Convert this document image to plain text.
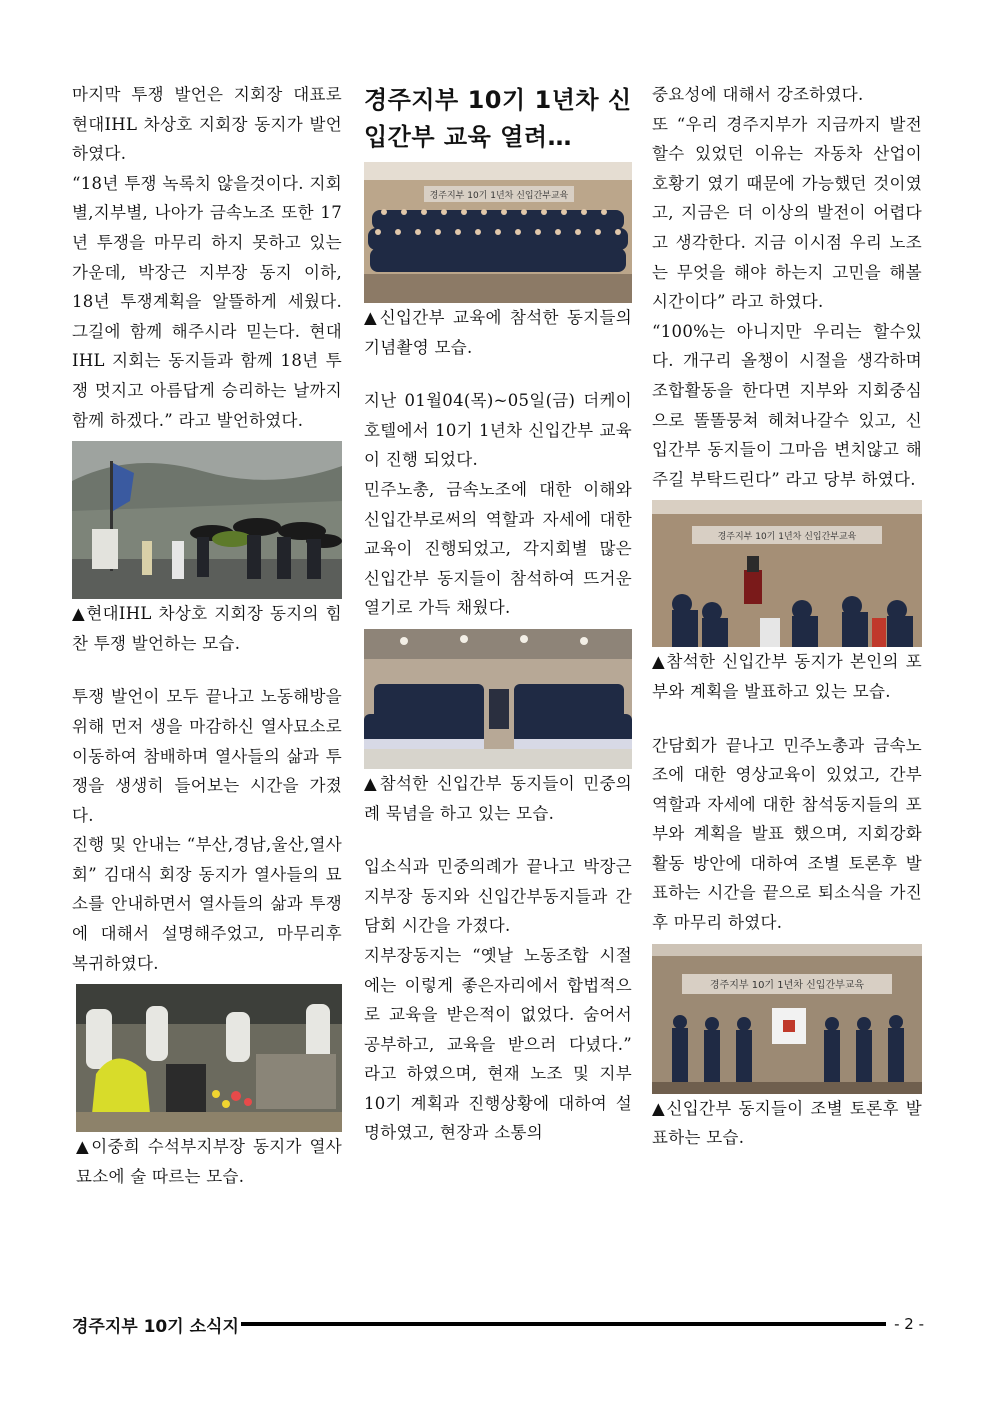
마지막 투쟁 발언은 지회장 대표로 현대IHL 차상호 지회장 동지가 발언하였다.

“18년 투쟁 녹록치 않을것이다. 지회별,지부별, 나아가 금속노조 또한 17년 투쟁을 마무리 하지 못하고 있는 가운데, 박장근 지부장 동지 이하, 18년 투쟁계획을 알뜰하게 세웠다. 그길에 함께 해주시라 믿는다. 현대IHL 지회는 동지들과 함께 18년 투쟁 멋지고 아름답게 승리하는 날까지 함께 하겠다.” 라고 발언하였다.

▲현대IHL 차상호 지회장 동지의 힘찬 투쟁 발언하는 모습.

투쟁 발언이 모두 끝나고 노동해방을 위해 먼저 생을 마감하신 열사묘소로 이동하여 참배하며 열사들의 삶과 투쟁을 생생히 들어보는 시간을 가졌다.

진행 및 안내는 “부산,경남,울산,열사회” 김대식 회장 동지가 열사들의 묘소를 안내하면서 열사들의 삶과 투쟁에 대해서 설명해주었고, 마무리후 복귀하였다.

▲이중희 수석부지부장 동지가 열사 묘소에 술 따르는 모습.

경주지부 10기 1년차 신입간부 교육 열려…
경주지부 10기 1년차 신입간부교육

▲신입간부 교육에 참석한 동지들의 기념촬영 모습.

지난 01월04(목)~05일(금) 더케이 호텔에서 10기 1년차 신입간부 교육이 진행 되었다.

민주노총, 금속노조에 대한 이해와 신입간부로써의 역할과 자세에 대한 교육이 진행되었고, 각지회별 많은 신입간부 동지들이 참석하여 뜨거운 열기로 가득 채웠다.

▲참석한 신입간부 동지들이 민중의례 묵념을 하고 있는 모습.

입소식과 민중의례가 끝나고 박장근 지부장 동지와 신입간부동지들과 간담회 시간을 가졌다.

지부장동지는 “옛날 노동조합 시절에는 이렇게 좋은자리에서 합법적으로 교육을 받은적이 없었다. 숨어서 공부하고, 교육을 받으러 다녔다.” 라고 하였으며, 현재 노조 및 지부 10기 계획과 진행상황에 대하여 설명하였고, 현장과 소통의

중요성에 대해서 강조하였다.

또 “우리 경주지부가 지금까지 발전할수 있었던 이유는 자동차 산업이 호황기 였기 때문에 가능했던 것이였고, 지금은 더 이상의 발전이 어렵다고 생각한다. 지금 이시점 우리 노조는 무엇을 해야 하는지 고민을 해볼 시간이다” 라고 하였다.

“100%는 아니지만 우리는 할수있다. 개구리 올챙이 시절을 생각하며 조합활동을 한다면 지부와 지회중심으로 똘똘뭉쳐 헤쳐나갈수 있고, 신입간부 동지들이 그마음 변치않고 해주길 부탁드린다” 라고 당부 하였다.

경주지부 10기 1년차 신입간부교육

▲참석한 신입간부 동지가 본인의 포부와 계획을 발표하고 있는 모습.

간담회가 끝나고 민주노총과 금속노조에 대한 영상교육이 있었고, 간부역할과 자세에 대한 참석동지들의 포부와 계획을 발표 했으며, 지회강화 활동 방안에 대하여 조별 토론후 발표하는 시간을 끝으로 퇴소식을 가진후 마무리 하였다.

경주지부 10기 1년차 신입간부교육

▲신입간부 동지들이 조별 토론후 발표하는 모습.

경주지부 10기 소식지	- 2 -
